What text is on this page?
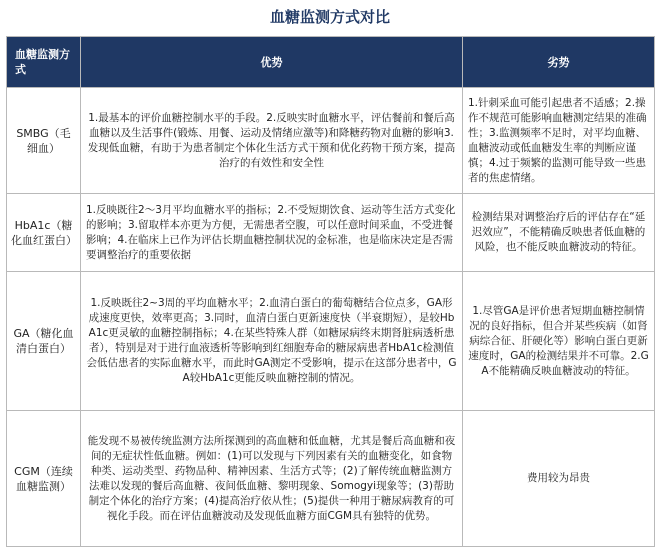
血糖监测方式对比
血糖监测方式	优势	劣势
SMBG（毛细血）	1.最基本的评价血糖控制水平的手段。2.反映实时血糖水平，评估餐前和餐后高血糖以及生活事件(锻炼、用餐、运动及情绪应激等)和降糖药物对血糖的影响3.发现低血糖，有助于为患者制定个体化生活方式干预和优化药物干预方案，提高治疗的有效性和安全性	1.针刺采血可能引起患者不适感；2.操作不规范可能影响血糖测定结果的准确性；3.监测频率不足时，对平均血糖、血糖波动或低血糖发生率的判断应谨慎；4.过于频繁的监测可能导致一些患者的焦虑情绪。
HbA1c（糖化血红蛋白）	1.反映既往2～3月平均血糖水平的指标；2.不受短期饮食、运动等生活方式变化的影响；3.留取样本亦更为方便，无需患者空腹，可以任意时间采血，不受进餐影响；4.在临床上已作为评估长期血糖控制状况的金标准，也是临床决定是否需要调整治疗的重要依据	检测结果对调整治疗后的评估存在“延迟效应”，不能精确反映患者低血糖的风险，也不能反映血糖波动的特征。
GA（糖化血清白蛋白）	1.反映既往2~3周的平均血糖水平；2.血清白蛋白的葡萄糖结合位点多，GA形成速度更快，效率更高；3.同时，血清白蛋白更新速度快（半衰期短），是较HbA1c更灵敏的血糖控制指标；4.在某些特殊人群（如糖尿病终末期肾脏病透析患者），特别是对于进行血液透析等影响到红细胞寿命的糖尿病患者HbA1c检测值会低估患者的实际血糖水平，而此时GA测定不受影响，提示在这部分患者中，GA较HbA1c更能反映血糖控制的情况。	1.尽管GA是评价患者短期血糖控制情况的良好指标，但合并某些疾病（如肾病综合征、肝硬化等）影响白蛋白更新速度时，GA的检测结果并不可靠。2.GA不能精确反映血糖波动的特征。
CGM（连续血糖监测）	能发现不易被传统监测方法所探测到的高血糖和低血糖，尤其是餐后高血糖和夜间的无症状性低血糖。例如：(1)可以发现与下列因素有关的血糖变化，如食物种类、运动类型、药物品种、精神因素、生活方式等；(2)了解传统血糖监测方法难以发现的餐后高血糖、夜间低血糖、黎明现象、Somogyi现象等；(3)帮助制定个体化的治疗方案；(4)提高治疗依从性；(5)提供一种用于糖尿病教育的可视化手段。而在评估血糖波动及发现低血糖方面CGM具有独特的优势。	费用较为昂贵
